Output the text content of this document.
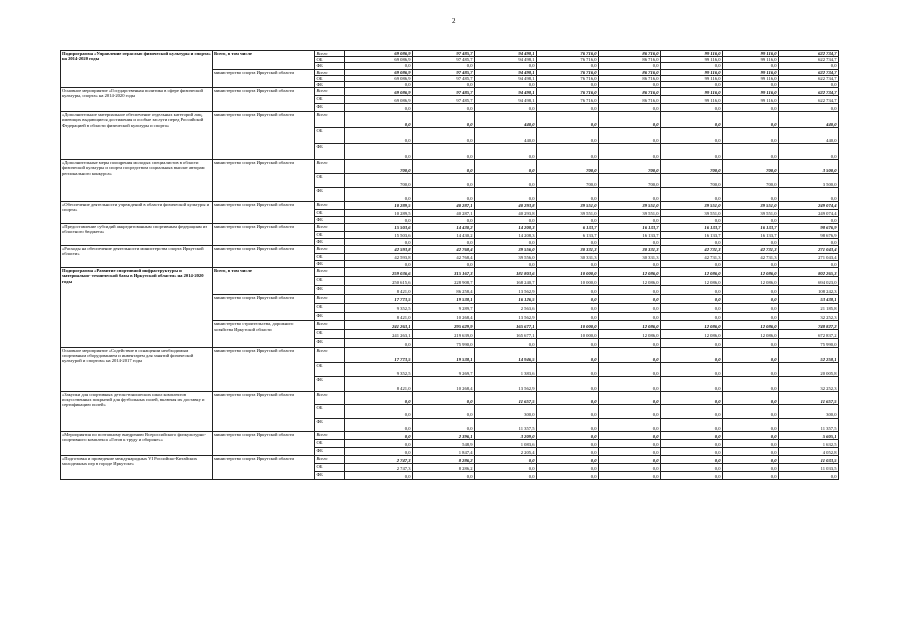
2
Подпрограмма «Управление отраслью физической культуры и спорта» на 2014-2020 годы	Всего, в том числе	Всего	69 086,9	97 485,7	94 498,1	76 716,0	86 716,0	99 116,0	99 116,0	622 734,7
		ОБ	69 086,9	97 485,7	94 498,1	76 716,0	86 716,0	99 116,0	99 116,0	622 734,7
		ФБ	0,0	0,0	0,0	0,0	0,0	0,0	0,0	0,0
	министерство спорта Иркутской области	Всего	69 086,9	97 485,7	94 498,1	76 716,0	86 716,0	99 116,0	99 116,0	622 734,7
		ОБ	69 086,9	97 485,7	94 498,1	76 716,0	86 716,0	99 116,0	99 116,0	622 734,7
		ФБ	0,0	0,0	0,0	0,0	0,0	0,0	0,0	0,0
Основное мероприятие «Государственная политика в сфере физической культуры, спорта» на 2014-2020 годы	министерство спорта Иркутской области	Всего	69 086,9	97 485,7	94 498,1	76 716,0	86 716,0	99 116,0	99 116,0	622 734,7
		ОБ	69 086,9	97 485,7	94 498,1	76 716,0	86 716,0	99 116,0	99 116,0	622 734,7
		ФБ	0,0	0,0	0,0	0,0	0,0	0,0	0,0	0,0
«Дополнительное материальное обеспечение отдельных категорий лиц, имеющих выдающиеся достижения и особые заслуги перед Российской Федерацией в области физической культуры и спорта»	министерство спорта Иркутской области	Всего	0,0	0,0	440,0	0,0	0,0	0,0	0,0	440,0
		ОБ	0,0	0,0	440,0	0,0	0,0	0,0	0,0	440,0
		ФБ	0,0	0,0	0,0	0,0	0,0	0,0	0,0	0,0
«Дополнительные меры поощрения молодых специалистов в области физической культуры и спорта посредством социальных выплат авторам регионального конкурса»	министерство спорта Иркутской области	Всего	700,0	0,0	0,0	700,0	700,0	700,0	700,0	3 500,0
		ОБ	700,0	0,0	0,0	700,0	700,0	700,0	700,0	3 500,0
		ФБ	0,0	0,0	0,0	0,0	0,0	0,0	0,0	0,0
«Обеспечение деятельности учреждений в области физической культуры и спорта»	министерство спорта Иркутской области	Всего	10 289,5	40 287,1	40 293,8	39 551,0	39 551,0	39 551,0	39 551,0	249 074,4
		ОБ	10 289,5	40 287,1	40 293,8	39 551,0	39 551,0	39 551,0	39 551,0	249 074,4
		ФБ	0,0	0,0	0,0	0,0	0,0	0,0	0,0	0,0
«Предоставление субсидий аккредитованным спортивным федерациям из областного бюджета»	министерство спорта Иркутской области	Всего	15 503,6	14 430,2	14 208,3	6 133,7	16 133,7	16 133,7	16 133,7	98 676,9
		ОБ	15 503,6	14 430,2	14 208,3	6 133,7	16 133,7	16 133,7	16 133,7	98 676,9
		ФБ	0,0	0,0	0,0	0,0	0,0	0,0	0,0	0,0
«Расходы на обеспечение деятельности министерства спорта Иркутской области»	министерство спорта Иркутской области	Всего	42 593,8	42 768,4	39 556,0	30 331,3	30 331,3	42 731,3	42 731,3	271 043,4
		ОБ	42 593,8	42 768,4	39 556,0	30 331,3	30 331,3	42 731,3	42 731,3	271 043,4
		ФБ	0,0	0,0	0,0	0,0	0,0	0,0	0,0	0,0
Подпрограмма «Развитие спортивной инфраструктуры и материально- технической базы в Иркутской области» на 2014-2020 годы	Всего, в том числе	Всего	259 036,6	315 167,3	181 803,6	10 000,0	12 086,0	12 086,0	12 086,0	802 265,3
		ОБ	250 615,6	228 908,7	168 240,7	10 000,0	12 086,0	12 086,0	12 086,0	694 023,0
		ФБ	8 421,0	86 258,4	13 562,9	0,0	0,0	0,0	0,0	108 242,3
	министерство спорта Иркутской области	Всего	17 773,5	19 538,1	16 126,5	0,0	0,0	0,0	0,0	53 438,1
		ОБ	9 352,5	9 289,7	2 563,6	0,0	0,0	0,0	0,0	21 185,8
		ФБ	8 421,0	10 268,4	13 562,9	0,0	0,0	0,0	0,0	32 252,3
	министерство строительства, дорожного хозяйства Иркутской области	Всего	241 263,1	295 629,9	165 677,1	10 000,0	12 086,0	12 086,0	12 086,0	748 827,2
		ОБ	241 263,1	219 639,0	165 677,1	10 000,0	12 086,0	12 086,0	12 086,0	672 837,2
		ФБ	0,0	75 990,0	0,0	0,0	0,0	0,0	0,0	75 990,0
Основное мероприятие «Содействие в оснащении необходимым спортивным оборудованием и инвентарем для занятий физической культурой и спортом» на 2014-2017 годы	министерство спорта Иркутской области	Всего	17 773,5	19 538,1	14 946,5	0,0	0,0	0,0	0,0	52 258,1
		ОБ	9 352,5	9 269,7	1 383,6	0,0	0,0	0,0	0,0	20 005,8
		ФБ	8 421,0	10 268,4	13 562,9	0,0	0,0	0,0	0,0	32 252,3
«Закупки для спортивных детско-юношеских школ комплектов искусственных покрытий для футбольных полей, включая их доставку и сертификацию полей»	министерство спорта Иркутской области	Всего	0,0	0,0	11 657,5	0,0	0,0	0,0	0,0	11 657,5
		ОБ	0,0	0,0	300,0	0,0	0,0	0,0	0,0	300,0
		ФБ	0,0	0,0	11 357,5	0,0	0,0	0,0	0,0	11 357,5
«Мероприятия по поэтапному внедрению Всероссийского физкультурно-спортивного комплекса «Готов к труду и обороне»»	министерство спорта Иркутской области	Всего	0,0	2 396,1	3 209,0	0,0	0,0	0,0	0,0	5 605,1
		ОБ	0,0	548,9	1 083,6	0,0	0,0	0,0	0,0	1 632,5
		ФБ	0,0	1 847,4	2 205,4	0,0	0,0	0,0	0,0	4 052,8
«Подготовка и проведение международных VI Российско-Китайских молодежных игр в городе Иркутске»	министерство спорта Иркутской области	Всего	2 747,3	8 286,2	0,0	0,0	0,0	0,0	0,0	11 033,5
		ОБ	2 747,3	8 286,2	0,0	0,0	0,0	0,0	0,0	11 033,5
		ФБ	0,0	0,0	0,0	0,0	0,0	0,0	0,0	0,0
